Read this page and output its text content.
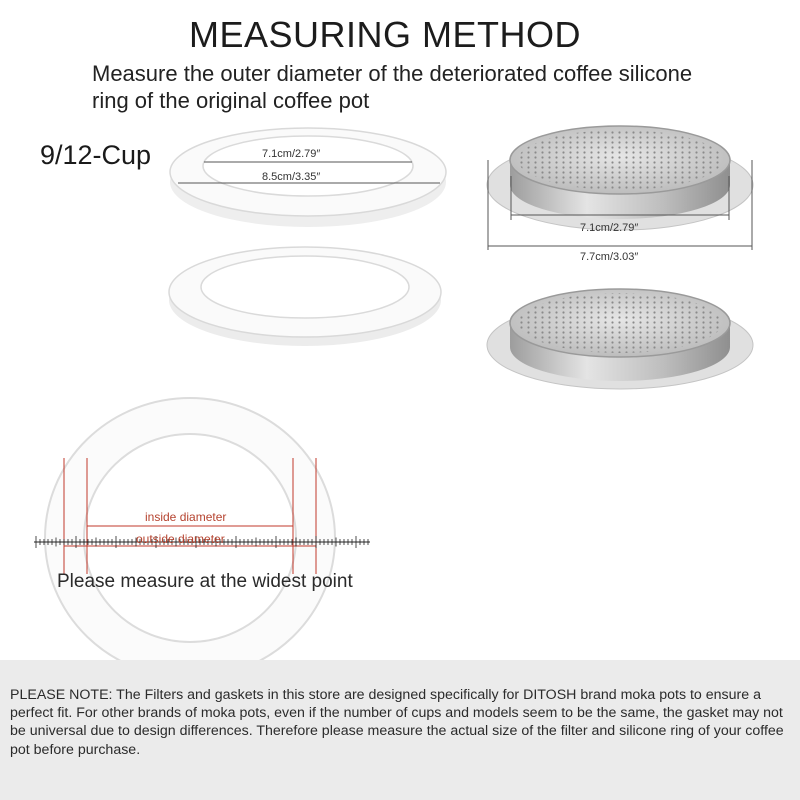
MEASURING METHOD
Measure the outer diameter of the deteriorated coffee silicone ring of the original coffee pot
9/12-Cup	7.1cm/2.79″
8.5cm/3.35″
7.1cm/2.79″
7.7cm/3.03″
inside diameter
outside diameter
Please measure at the widest point
PLEASE NOTE: The Filters and gaskets in this store are designed specifically for DITOSH brand moka pots to ensure a perfect fit. For other brands of moka pots, even if the number of cups and models seem to be the same, the gasket may not be universal due to design differences. Therefore please measure the actual size of the filter and silicone ring of your coffee pot before purchase.
